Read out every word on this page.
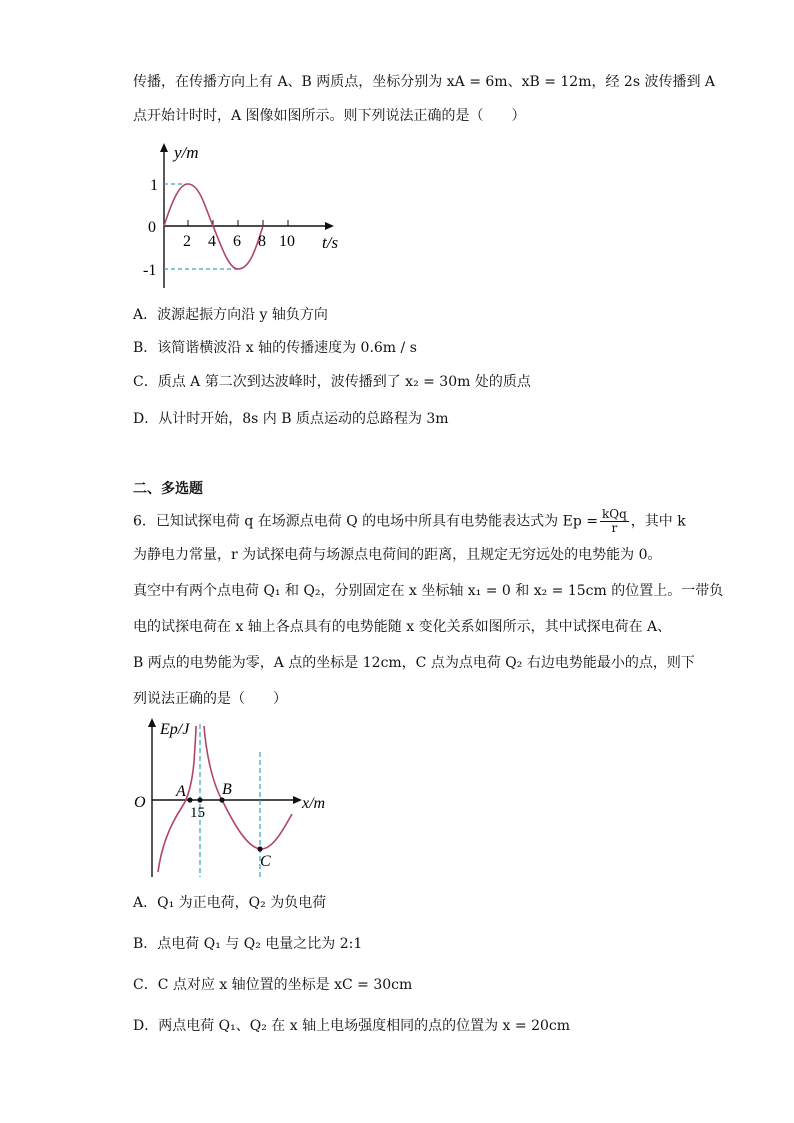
传播，在传播方向上有 A、B 两质点，坐标分别为 xA = 6m、xB = 12m，经 2s 波传播到 A
点开始计时时，A 图像如图所示。则下列说法正确的是（　　）
y/m
1
0
-1
2 4 6 8 10 t/s
A．波源起振方向沿 y 轴负方向
B．该简谐横波沿 x 轴的传播速度为 0.6m / s
C．质点 A 第二次到达波峰时，波传播到了 x₂ = 30m 处的质点
D．从计时开始，8s 内 B 质点运动的总路程为 3m
二、多选题
6．已知试探电荷 q 在场源点电荷 Q 的电场中所具有电势能表达式为 $Ep = \frac{\text{kQq}}{r}$ ，其中 k
为静电力常量，r 为试探电荷与场源点电荷间的距离，且规定无穷远处的电势能为 0。
真空中有两个点电荷 Q₁ 和 Q₂，分别固定在 x 坐标轴 x₁ = 0 和 x₂ = 15cm 的位置上。一带负
电的试探电荷在 x 轴上各点具有的电势能随 x 变化关系如图所示，其中试探电荷在 A、
B 两点的电势能为零，A 点的坐标是 12cm，C 点为点电荷 Q₂ 右边电势能最小的点，则下
列说法正确的是（　　）
Ep/J
O
A B
15
x/m
C
A．Q₁ 为正电荷，Q₂ 为负电荷
B．点电荷 Q₁ 与 Q₂ 电量之比为 2:1
C．C 点对应 x 轴位置的坐标是 xC = 30cm
D．两点电荷 Q₁、Q₂ 在 x 轴上电场强度相同的点的位置为 x = 20cm
